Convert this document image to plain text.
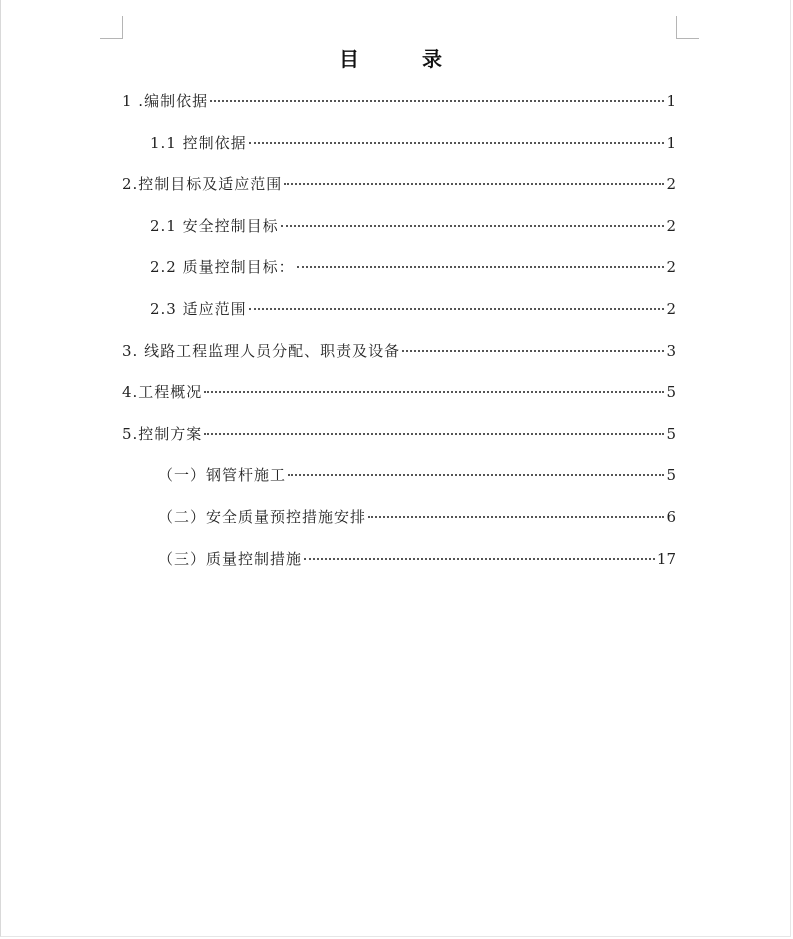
目 录
1 .编制依据	1
1.1 控制依据	1
2.控制目标及适应范围	2
2.1 安全控制目标	2
2.2 质量控制目标：	2
2.3 适应范围	2
3. 线路工程监理人员分配、职责及设备	3
4.工程概况	5
5.控制方案	5
（一）钢管杆施工	5
（二）安全质量预控措施安排	6
（三）质量控制措施	17
